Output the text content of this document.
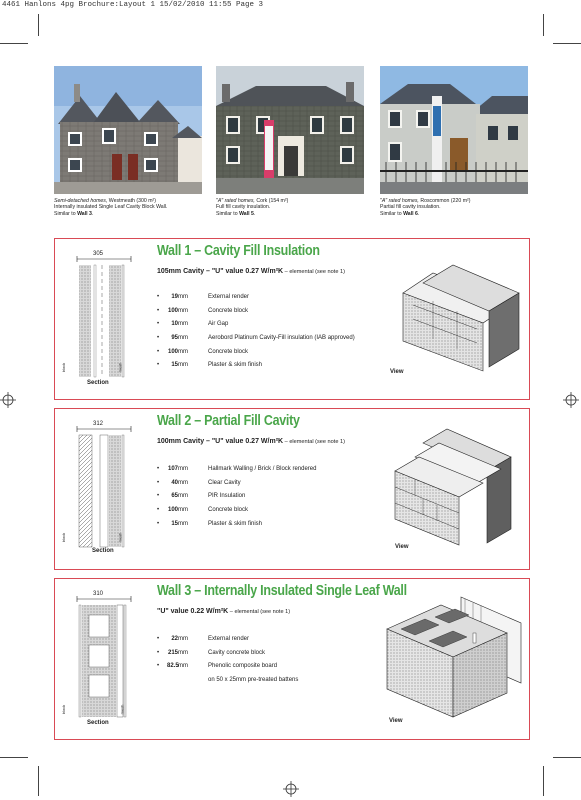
4461 Hanlons 4pg Brochure:Layout 1 15/02/2010 11:55 Page 3
Semi-detached homes, Westmeath (300 m²)
Internally insulated Single Leaf Cavity Block Wall.
Similar to Wall 3.
"A" rated homes, Cork (154 m²)
Full fill cavity insulation.
Similar to Wall 5.
"A" rated homes, Roscommon (220 m²)
Partial fill cavity insulation.
Similar to Wall 6.
Wall 1 – Cavity Fill Insulation
105mm Cavity – "U" value 0.27 W/m²K – elemental (see note 1)
• 19mm	External render
• 100mm	Concrete block
• 10mm	Air Gap
• 95mm	Aerobord Platinum Cavity-Fill insulation (IAB approved)
• 100mm	Concrete block
• 15mm	Plaster & skim finish
305
block	mesh
Section
View
Wall 2 – Partial Fill Cavity
100mm Cavity – "U" value 0.27 W/m²K – elemental (see note 1)
• 107mm	Hallmark Walling / Brick / Block rendered
• 40mm	Clear Cavity
• 65mm	PIR Insulation
• 100mm	Concrete block
• 15mm	Plaster & skim finish
312
block	mesh
Section
View
Wall 3 – Internally Insulated Single Leaf Wall
"U" value 0.22 W/m²K – elemental (see note 1)
• 22mm	External render
• 215mm	Cavity concrete block
• 82.5mm	Phenolic composite board
on 50 x 25mm pre-treated battens
310
block	mesh
Section	View
